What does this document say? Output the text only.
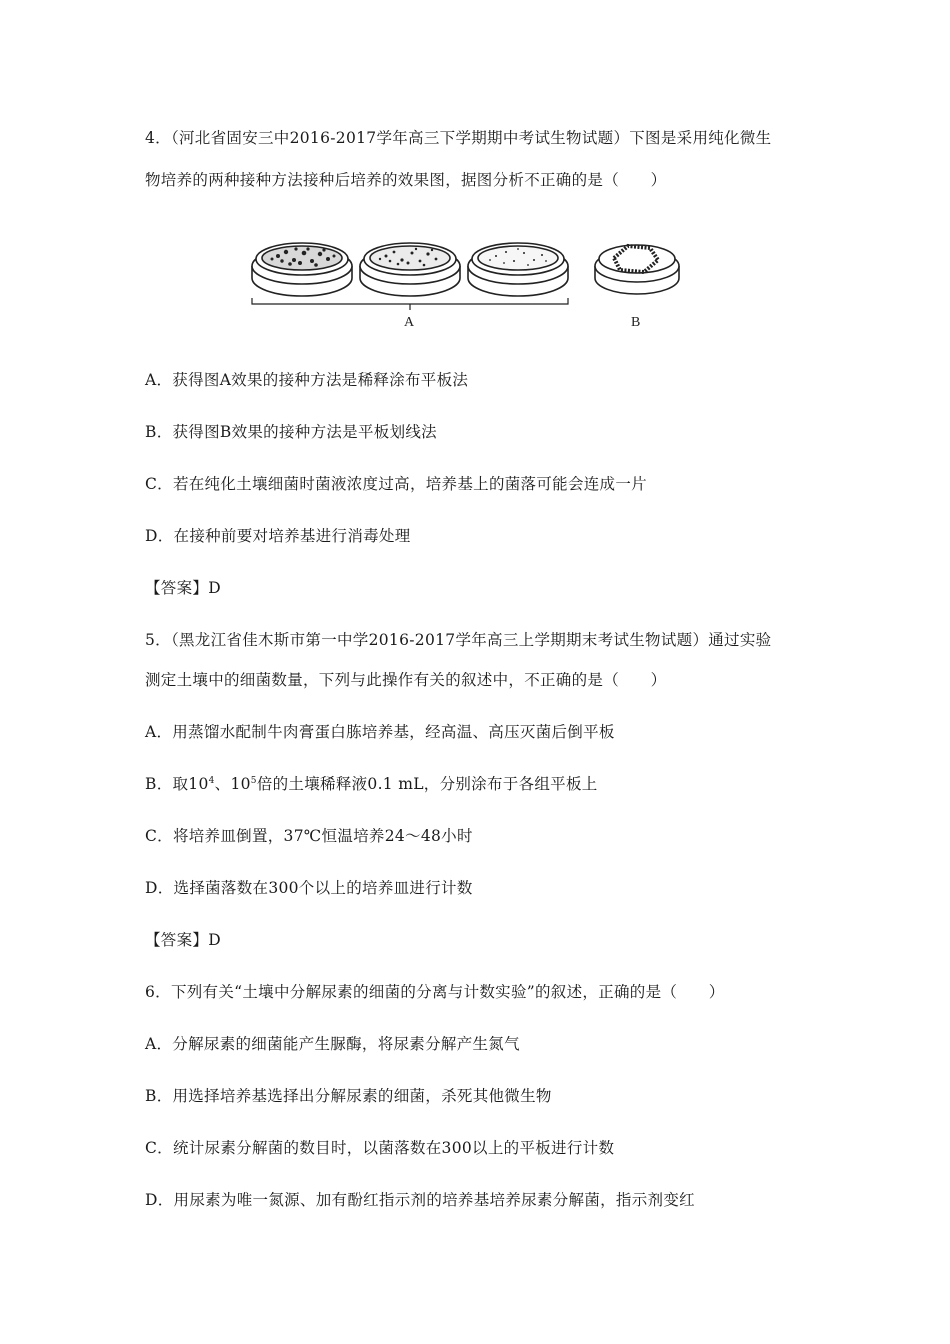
4．（河北省固安三中2016-2017学年高三下学期期中考试生物试题）下图是采用纯化微生
物培养的两种接种方法接种后培养的效果图，据图分析不正确的是（　　）
A	B
A．获得图A效果的接种方法是稀释涂布平板法
B．获得图B效果的接种方法是平板划线法
C．若在纯化土壤细菌时菌液浓度过高，培养基上的菌落可能会连成一片
D．在接种前要对培养基进行消毒处理
【答案】D
5．（黑龙江省佳木斯市第一中学2016-2017学年高三上学期期末考试生物试题）通过实验
测定土壤中的细菌数量，下列与此操作有关的叙述中，不正确的是（　　）
A．用蒸馏水配制牛肉膏蛋白胨培养基，经高温、高压灭菌后倒平板
B．取$10^4$、$10^5$倍的土壤稀释液0.1 mL，分别涂布于各组平板上
C．将培养皿倒置，37℃恒温培养24～48小时
D．选择菌落数在300个以上的培养皿进行计数
【答案】D
6．下列有关“土壤中分解尿素的细菌的分离与计数实验”的叙述，正确的是（　　）
A．分解尿素的细菌能产生脲酶，将尿素分解产生氮气
B．用选择培养基选择出分解尿素的细菌，杀死其他微生物
C．统计尿素分解菌的数目时，以菌落数在300以上的平板进行计数
D．用尿素为唯一氮源、加有酚红指示剂的培养基培养尿素分解菌，指示剂变红
